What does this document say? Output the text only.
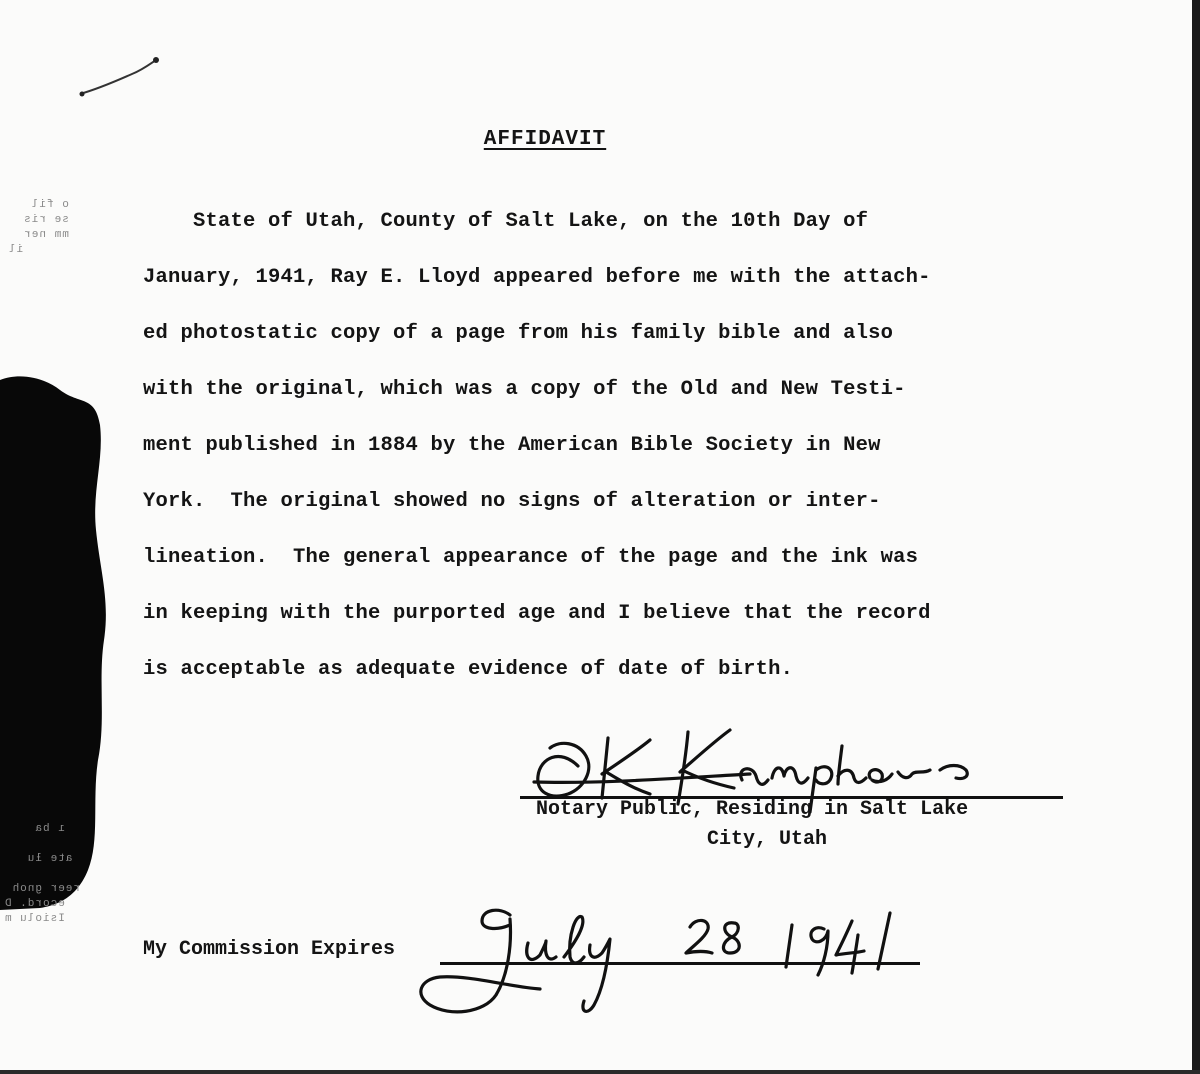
o fil
se ris
mm ner
il
ı ba

ate ƚu

reer gnoh
ecord. D
Isiolu m
AFFIDAVIT
State of Utah, County of Salt Lake, on the 10th Day of
January, 1941, Ray E. Lloyd appeared before me with the attach-
ed photostatic copy of a page from his family bible and also
with the original, which was a copy of the Old and New Testi-
ment published in 1884 by the American Bible Society in New
York.  The original showed no signs of alteration or inter-
lineation.  The general appearance of the page and the ink was
in keeping with the purported age and I believe that the record
is acceptable as adequate evidence of date of birth.
Notary Public, Residing in Salt Lake
City, Utah
My Commission Expires
